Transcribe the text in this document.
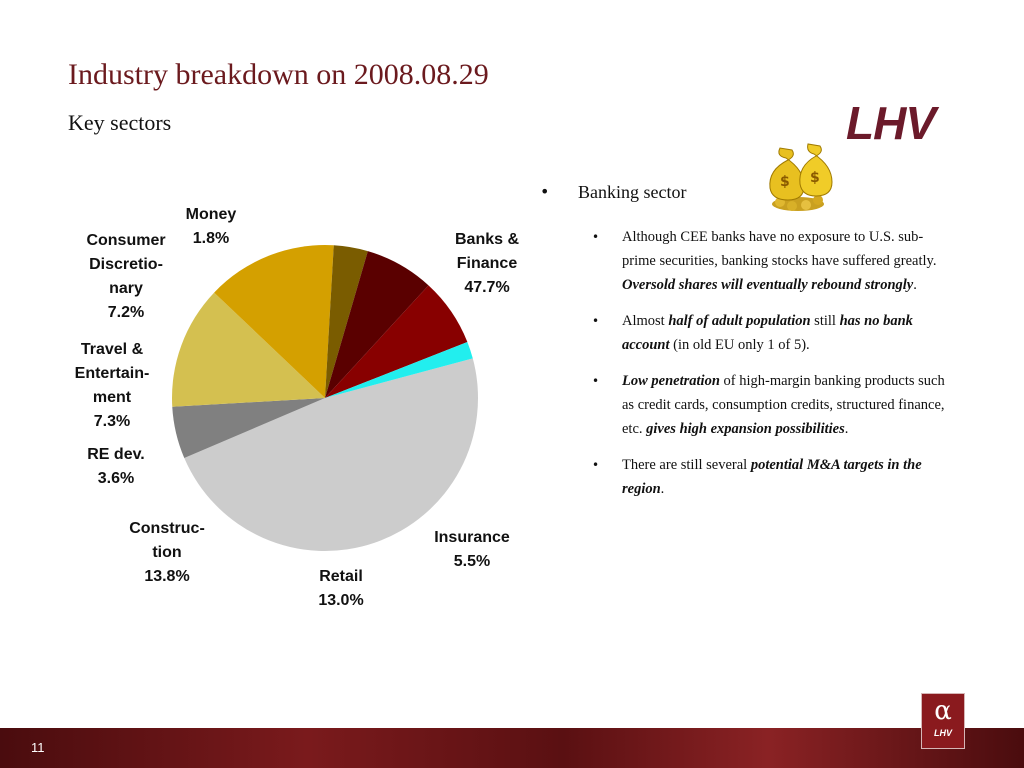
Industry breakdown on 2008.08.29
Key sectors	LHV
$ $
Banks & Finance 47.7%
Insurance 5.5%
Retail 13.0%
Construc-tion 13.8%
RE dev. 3.6%
Travel & Entertain-ment 7.3%
Consumer Discretio-nary 7.2%
Money 1.8%
• Banking sector
• Although CEE banks have no exposure to U.S. sub-prime securities, banking stocks have suffered greatly. Oversold shares will eventually rebound strongly.
• Almost half of adult population still has no bank account (in old EU only 1 of 5).
• Low penetration of high-margin banking products such as credit cards, consumption credits, structured finance, etc. gives high expansion possibilities.
• There are still several potential M&A targets in the region.
11
α
LHV
